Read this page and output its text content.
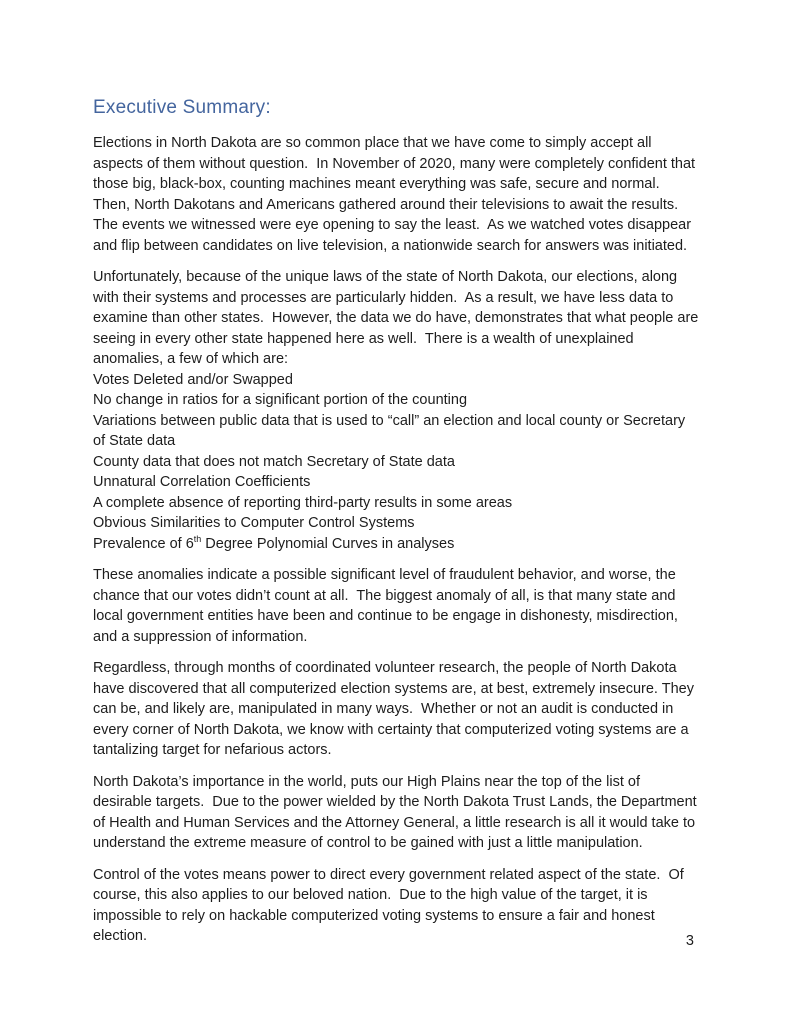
Executive Summary:

Elections in North Dakota are so common place that we have come to simply accept all aspects of them without question.  In November of 2020, many were completely confident that those big, black-box, counting machines meant everything was safe, secure and normal. Then, North Dakotans and Americans gathered around their televisions to await the results.  The events we witnessed were eye opening to say the least.  As we watched votes disappear and flip between candidates on live television, a nationwide search for answers was initiated.

Unfortunately, because of the unique laws of the state of North Dakota, our elections, along with their systems and processes are particularly hidden.  As a result, we have less data to examine than other states.  However, the data we do have, demonstrates that what people are seeing in every other state happened here as well.  There is a wealth of unexplained anomalies, a few of which are:

Votes Deleted and/or Swapped
No change in ratios for a significant portion of the counting
Variations between public data that is used to “call” an election and local county or Secretary of State data
County data that does not match Secretary of State data
Unnatural Correlation Coefficients
A complete absence of reporting third-party results in some areas
Obvious Similarities to Computer Control Systems
Prevalence of 6th Degree Polynomial Curves in analyses

These anomalies indicate a possible significant level of fraudulent behavior, and worse, the chance that our votes didn’t count at all.  The biggest anomaly of all, is that many state and local government entities have been and continue to be engage in dishonesty, misdirection, and a suppression of information.

Regardless, through months of coordinated volunteer research, the people of North Dakota have discovered that all computerized election systems are, at best, extremely insecure. They can be, and likely are, manipulated in many ways.  Whether or not an audit is conducted in every corner of North Dakota, we know with certainty that computerized voting systems are a tantalizing target for nefarious actors.

North Dakota’s importance in the world, puts our High Plains near the top of the list of desirable targets.  Due to the power wielded by the North Dakota Trust Lands, the Department of Health and Human Services and the Attorney General, a little research is all it would take to understand the extreme measure of control to be gained with just a little manipulation.

Control of the votes means power to direct every government related aspect of the state.  Of course, this also applies to our beloved nation.  Due to the high value of the target, it is impossible to rely on hackable computerized voting systems to ensure a fair and honest election.	3
